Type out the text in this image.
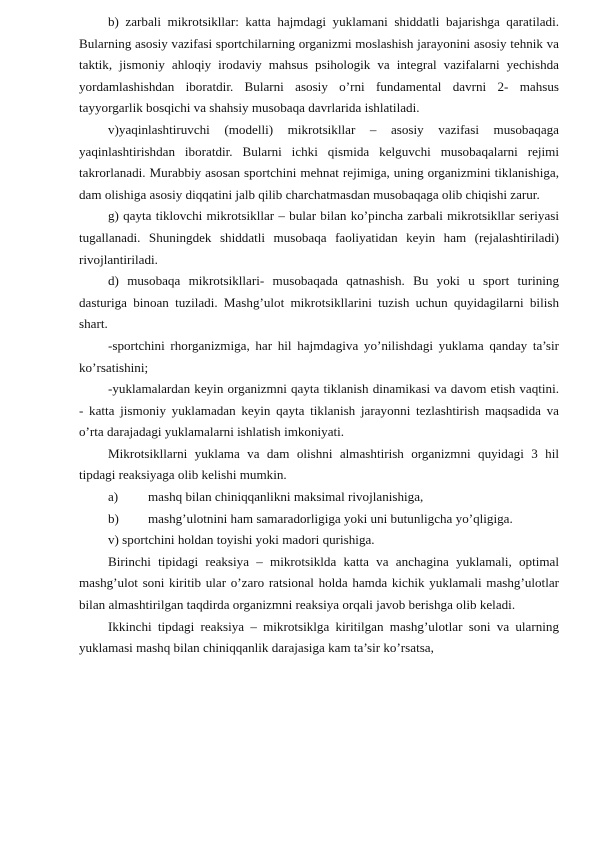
b) zarbali mikrotsikllar: katta hajmdagi yuklamani shiddatli bajarishga qaratiladi. Bularning asosiy vazifasi sportchilarning organizmi moslashish jarayonini asosiy tehnik va taktik, jismoniy ahloqiy irodaviy mahsus psihologik va integral vazifalarni yechishda yordamlashishdan iboratdir. Bularni asosiy o’rni fundamental davrni 2- mahsus tayyorgarlik bosqichi va shahsiy musobaqa davrlarida ishlatiladi.

v)yaqinlashtiruvchi (modelli) mikrotsikllar – asosiy vazifasi musobaqaga yaqinlashtirishdan iboratdir. Bularni ichki qismida kelguvchi musobaqalarni rejimi takrorlanadi. Murabbiy asosan sportchini mehnat rejimiga, uning organizmini tiklanishiga, dam olishiga asosiy diqqatini jalb qilib charchatmasdan musobaqaga olib chiqishi zarur.

g) qayta tiklovchi mikrotsikllar – bular bilan ko’pincha zarbali mikrotsikllar seriyasi tugallanadi. Shuningdek shiddatli musobaqa faoliyatidan keyin ham (rejalashtiriladi) rivojlantiriladi.

d) musobaqa mikrotsikllari- musobaqada qatnashish. Bu yoki u sport turining dasturiga binoan tuziladi. Mashg’ulot mikrotsikllarini tuzish uchun quyidagilarni bilish shart.

-sportchini rhorganizmiga, har hil hajmdagiva yo’nilishdagi yuklama qanday ta’sir ko’rsatishini;

-yuklamalardan keyin organizmni qayta tiklanish dinamikasi va davom etish vaqtini. - katta jismoniy yuklamadan keyin qayta tiklanish jarayonni tezlashtirish maqsadida va o’rta darajadagi yuklamalarni ishlatish imkoniyati.

Mikrotsikllarni yuklama va dam olishni almashtirish organizmni quyidagi 3 hil tipdagi reaksiyaga olib kelishi mumkin.

a)	mashq bilan chiniqqanlikni maksimal rivojlanishiga,
b)	mashg’ulotnini ham samaradorligiga yoki uni butunligcha yo’qligiga.

v) sportchini holdan toyishi yoki madori qurishiga.

Birinchi tipidagi reaksiya – mikrotsiklda katta va anchagina yuklamali, optimal mashg’ulot soni kiritib ular o’zaro ratsional holda hamda kichik yuklamali mashg’ulotlar bilan almashtirilgan taqdirda organizmni reaksiya orqali javob berishga olib keladi.

Ikkinchi tipdagi reaksiya – mikrotsiklga kiritilgan mashg’ulotlar soni va ularning yuklamasi mashq bilan chiniqqanlik darajasiga kam ta’sir ko’rsatsa,
